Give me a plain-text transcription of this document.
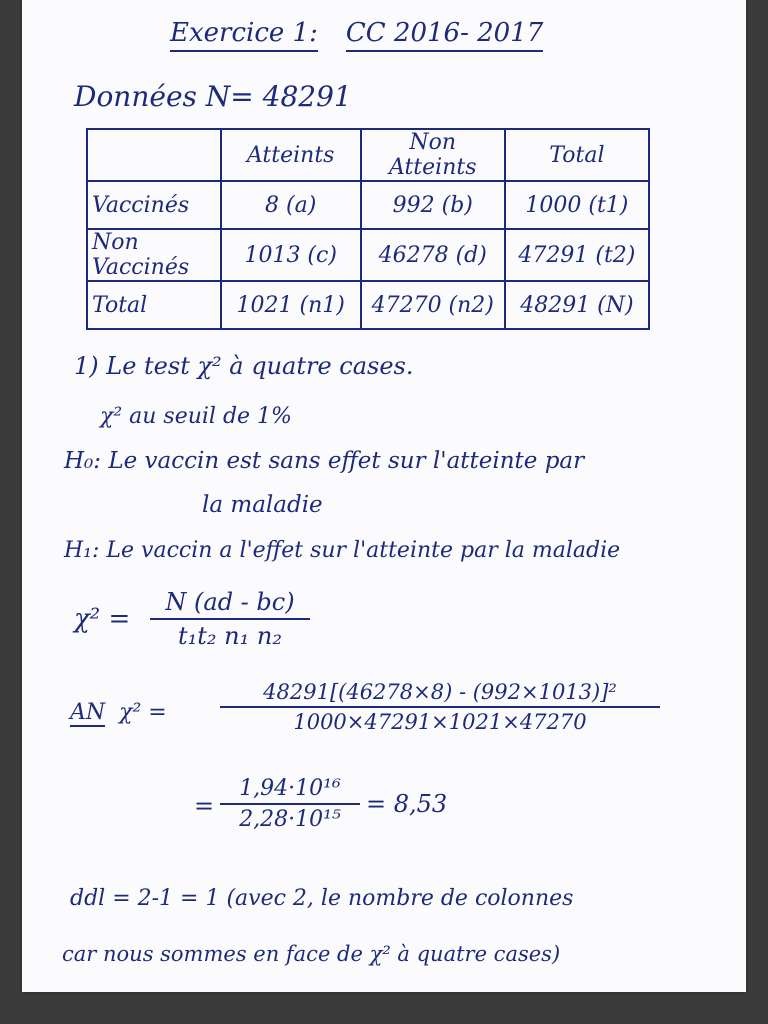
Exercice 1: CC 2016- 2017
Données N= 48291
	Atteints	Non Atteints	Total
Vaccinés	8 (a)	992 (b)	1000 (t1)
Non Vaccinés	1013 (c)	46278 (d)	47291 (t2)
Total	1021 (n1)	47270 (n2)	48291 (N)
1) Le test χ² à quatre cases.
χ² au seuil de 1%
H₀: Le vaccin est sans effet sur l'atteinte par
la maladie
H₁: Le vaccin a l'effet sur l'atteinte par la maladie
$\chi^2 = \frac{N (ad - bc)}{\text{t₁t₂ n₁ n₂}}$
AN χ² =	$\frac{\text{48291[(46278×8) - (992×1013)]²}}{1000\times 47291\times 1021\times 47270}$
= $\frac{\text{1,94·10¹⁶}}{\text{2,28·10¹⁵}} = 8,53$
ddl = 2-1 = 1 (avec 2, le nombre de colonnes
car nous sommes en face de χ² à quatre cases)
